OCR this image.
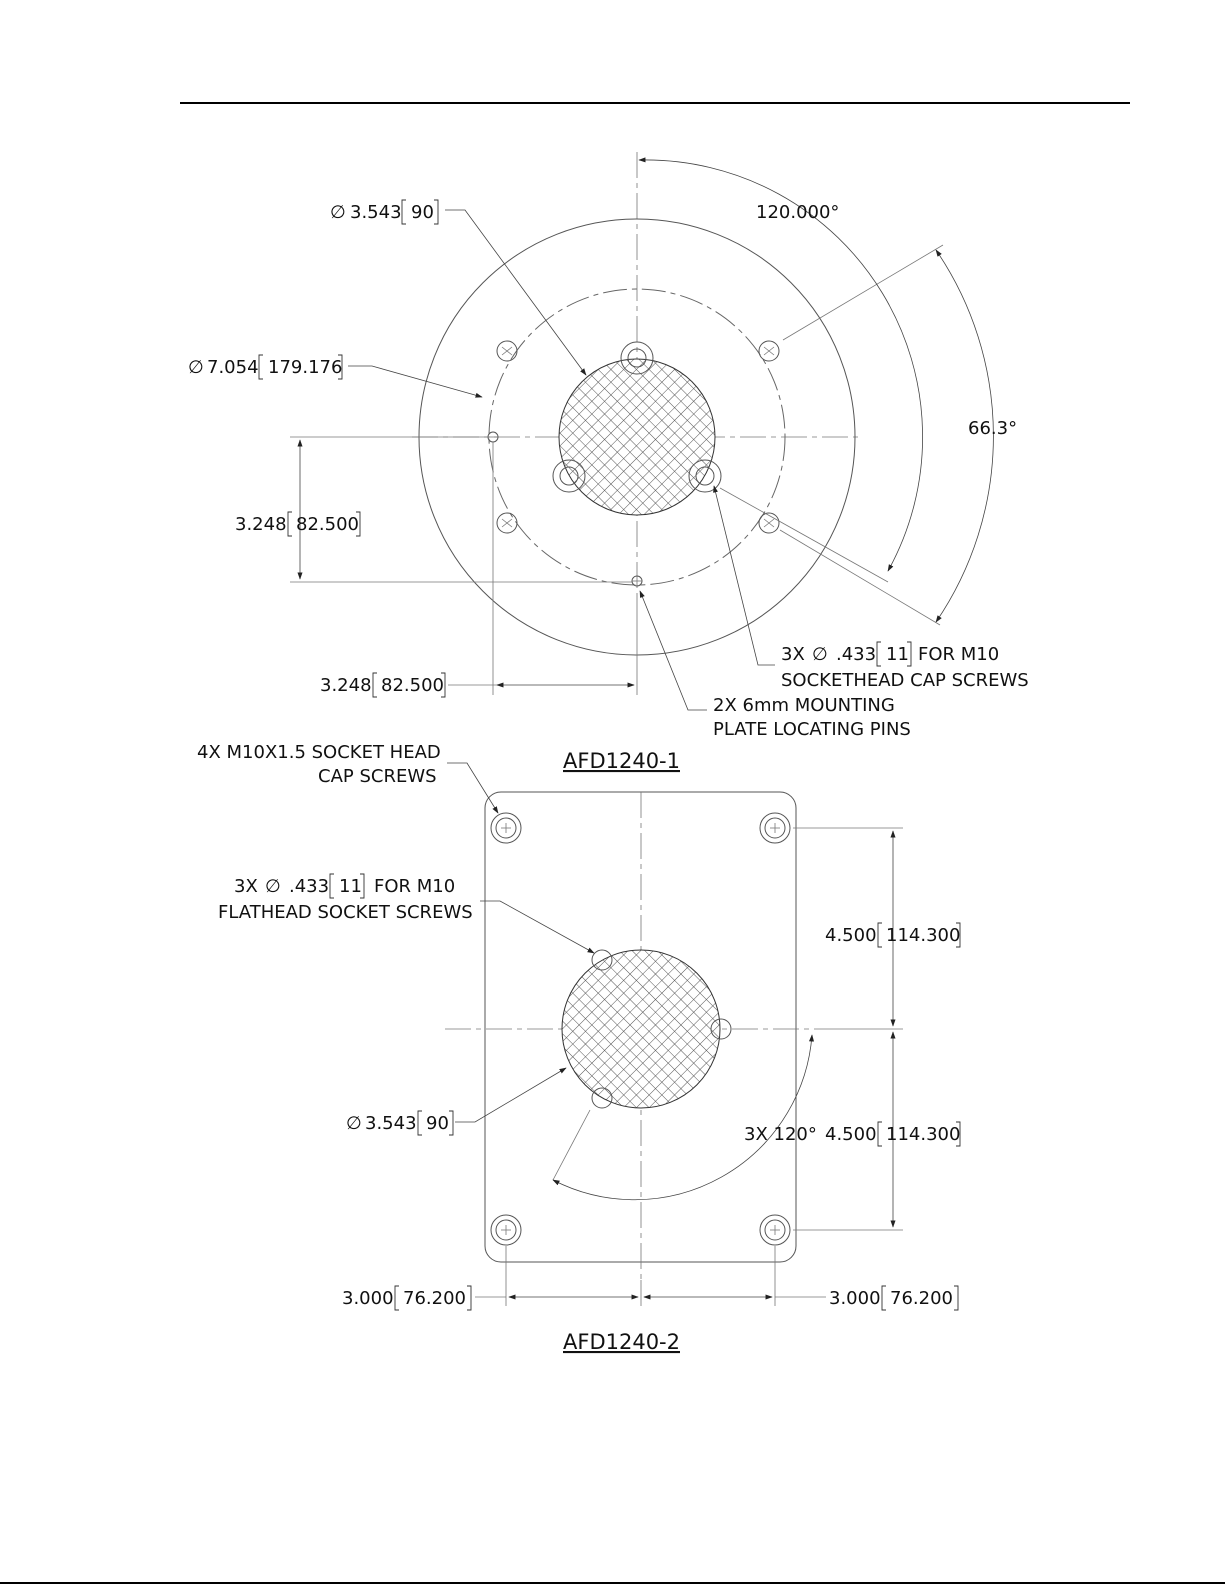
∅ 3.543 90
∅ 7.054 179.176
120.000°
66.3°
3.248 82.500
3.248 82.500
3X ∅ .433 11 FOR M10
SOCKETHEAD CAP SCREWS
2X 6mm MOUNTING
PLATE LOCATING PINS
AFD1240-1
4X M10X1.5 SOCKET HEAD
CAP SCREWS
3X ∅ .433 11 FOR M10
FLATHEAD SOCKET SCREWS
∅ 3.543 90
3X 120°
4.500 114.300
4.500 114.300
3.000 76.200	3.000 76.200
AFD1240-2
